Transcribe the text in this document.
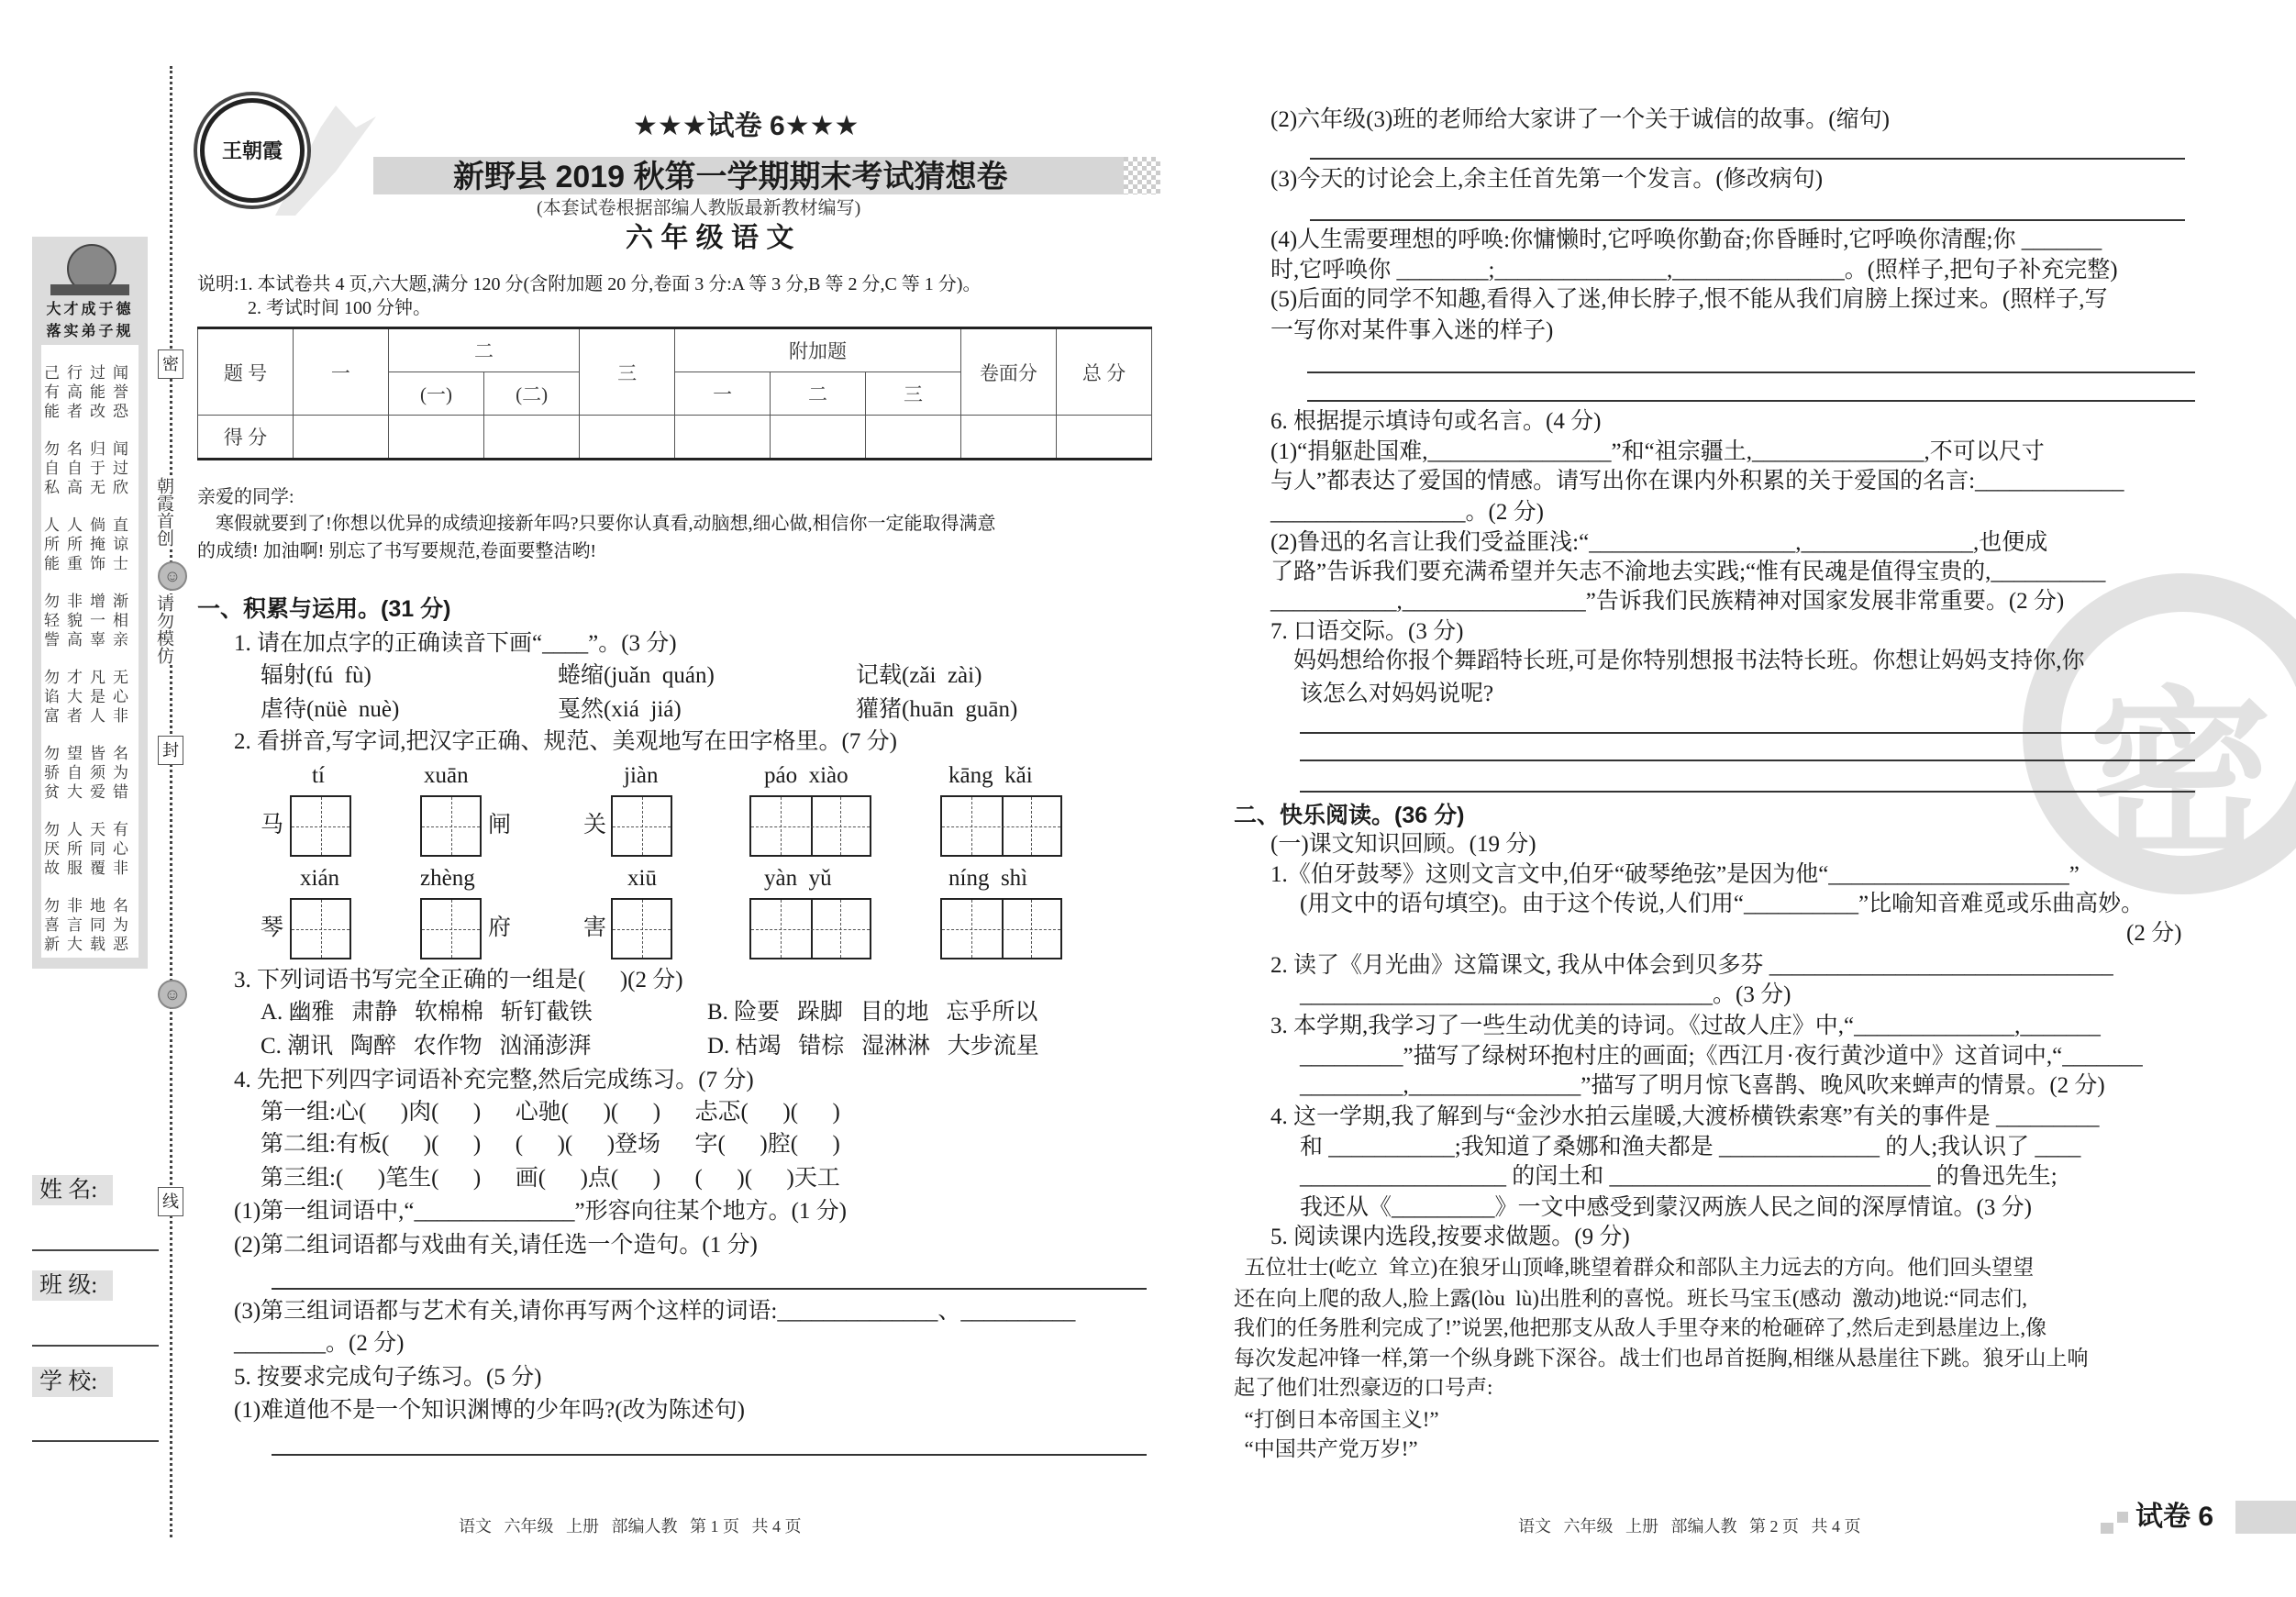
大才成于德
落实弟子规
己行过闻
有高能誉
能者改恐
勿名归闻
自自于过
私高无欣
人人倘直
所所掩谅
能重饰士
勿非增渐
轻貌一相
訾高辜亲
勿才凡无
谄大是心
富者人非
勿望皆名
骄自须为
贫大爱错
勿人天有
厌所同心
故服覆非
勿非地名
喜言同为
新大载恶
密
朝霞首创
☺
请勿模仿
封
☺
线
姓 名:
班 级:
学 校:
王朝霞
★★★试卷 6★★★
新野县 2019 秋第一学期期末考试猜想卷
(本套试卷根据部编人教版最新教材编写)
六 年 级 语 文
说明:1. 本试卷共 4 页,六大题,满分 120 分(含附加题 20 分,卷面 3 分:A 等 3 分,B 等 2 分,C 等 1 分)。
2. 考试时间 100 分钟。
题 号	一	二		三	附加题			卷面分	总 分
		(一)	(二)		一	二	三		
得 分									
亲爱的同学:
寒假就要到了!你想以优异的成绩迎接新年吗?只要你认真看,动脑想,细心做,相信你一定能取得满意
的成绩! 加油啊! 别忘了书写要规范,卷面要整洁哟!
一、积累与运用。(31 分)
1. 请在加点字的正确读音下画“____”。(3 分)
辐射(fú  fù)	蜷缩(juǎn  quán)	记载(zǎi  zài)
虐待(nüè  nuè)	戛然(xiá  jiá)	獾猪(huān  guān)
2. 看拼音,写字词,把汉字正确、规范、美观地写在田字格里。(7 分)
tí	xuān	jiàn	páo  xiào	kāng  kǎi
马	闸	关
xián	zhèng	xiū	yàn  yǔ	níng  shì
琴	府	害
3. 下列词语书写完全正确的一组是(      )(2 分)
A. 幽雅   肃静   软棉棉   斩钉截铁	B. 险要   跺脚   目的地   忘乎所以
C. 潮讯   陶醉   农作物   汹涌澎湃	D. 枯竭   错棕   湿淋淋   大步流星
4. 先把下列四字词语补充完整,然后完成练习。(7 分)
第一组:心(      )肉(      )      心驰(      )(      )      忐忑(      )(      )
第二组:有板(      )(      )      (      )(      )登场      字(      )腔(      )
第三组:(      )笔生(      )      画(      )点(      )      (      )(      )天工
(1)第一组词语中,“______________”形容向往某个地方。(1 分)
(2)第二组词语都与戏曲有关,请任选一个造句。(1 分)
(3)第三组词语都与艺术有关,请你再写两个这样的词语:______________、__________
________。(2 分)
5. 按要求完成句子练习。(5 分)
(1)难道他不是一个知识渊博的少年吗?(改为陈述句)
语文   六年级   上册   部编人教   第 1 页   共 4 页
密
(2)六年级(3)班的老师给大家讲了一个关于诚信的故事。(缩句)
(3)今天的讨论会上,余主任首先第一个发言。(修改病句)
(4)人生需要理想的呼唤:你慵懒时,它呼唤你勤奋;你昏睡时,它呼唤你清醒;你 _______
时,它呼唤你 ________;_______________,_______________。(照样子,把句子补充完整)
(5)后面的同学不知趣,看得入了迷,伸长脖子,恨不能从我们肩膀上探过来。(照样子,写
一写你对某件事入迷的样子)
6. 根据提示填诗句或名言。(4 分)
(1)“捐躯赴国难,________________”和“祖宗疆土,_______________,不可以尺寸
与人”都表达了爱国的情感。请写出你在课内外积累的关于爱国的名言:_____________
_________________。(2 分)
(2)鲁迅的名言让我们受益匪浅:“__________________,_______________,也便成
了路”告诉我们要充满希望并矢志不渝地去实践;“惟有民魂是值得宝贵的,__________
___________,________________”告诉我们民族精神对国家发展非常重要。(2 分)
7. 口语交际。(3 分)
妈妈想给你报个舞蹈特长班,可是你特别想报书法特长班。你想让妈妈支持你,你
该怎么对妈妈说呢?
二、快乐阅读。(36 分)
(一)课文知识回顾。(19 分)
1.《伯牙鼓琴》这则文言文中,伯牙“破琴绝弦”是因为他“_____________________”
(用文中的语句填空)。由于这个传说,人们用“__________”比喻知音难觅或乐曲高妙。
(2 分)
2. 读了《月光曲》这篇课文, 我从中体会到贝多芬 ______________________________
____________________________________。(3 分)
3. 本学期,我学习了一些生动优美的诗词。《过故人庄》中,“______________,_______
_________”描写了绿树环抱村庄的画面;《西江月·夜行黄沙道中》这首词中,“_______
_________,_______________”描写了明月惊飞喜鹊、晚风吹来蝉声的情景。(2 分)
4. 这一学期,我了解到与“金沙水拍云崖暖,大渡桥横铁索寒”有关的事件是 _________
和 ___________;我知道了桑娜和渔夫都是 ______________ 的人;我认识了 ____
__________________ 的闰土和 ____________________________ 的鲁迅先生;
我还从《_________》一文中感受到蒙汉两族人民之间的深厚情谊。(3 分)
5. 阅读课内选段,按要求做题。(9 分)
五位壮士(屹立  耸立)在狼牙山顶峰,眺望着群众和部队主力远去的方向。他们回头望望
还在向上爬的敌人,脸上露(lòu  lù)出胜利的喜悦。班长马宝玉(感动  激动)地说:“同志们,
我们的任务胜利完成了!”说罢,他把那支从敌人手里夺来的枪砸碎了,然后走到悬崖边上,像
每次发起冲锋一样,第一个纵身跳下深谷。战士们也昂首挺胸,相继从悬崖往下跳。狼牙山上响
起了他们壮烈豪迈的口号声:
“打倒日本帝国主义!”
“中国共产党万岁!”
语文   六年级   上册   部编人教   第 2 页   共 4 页	试卷 6
